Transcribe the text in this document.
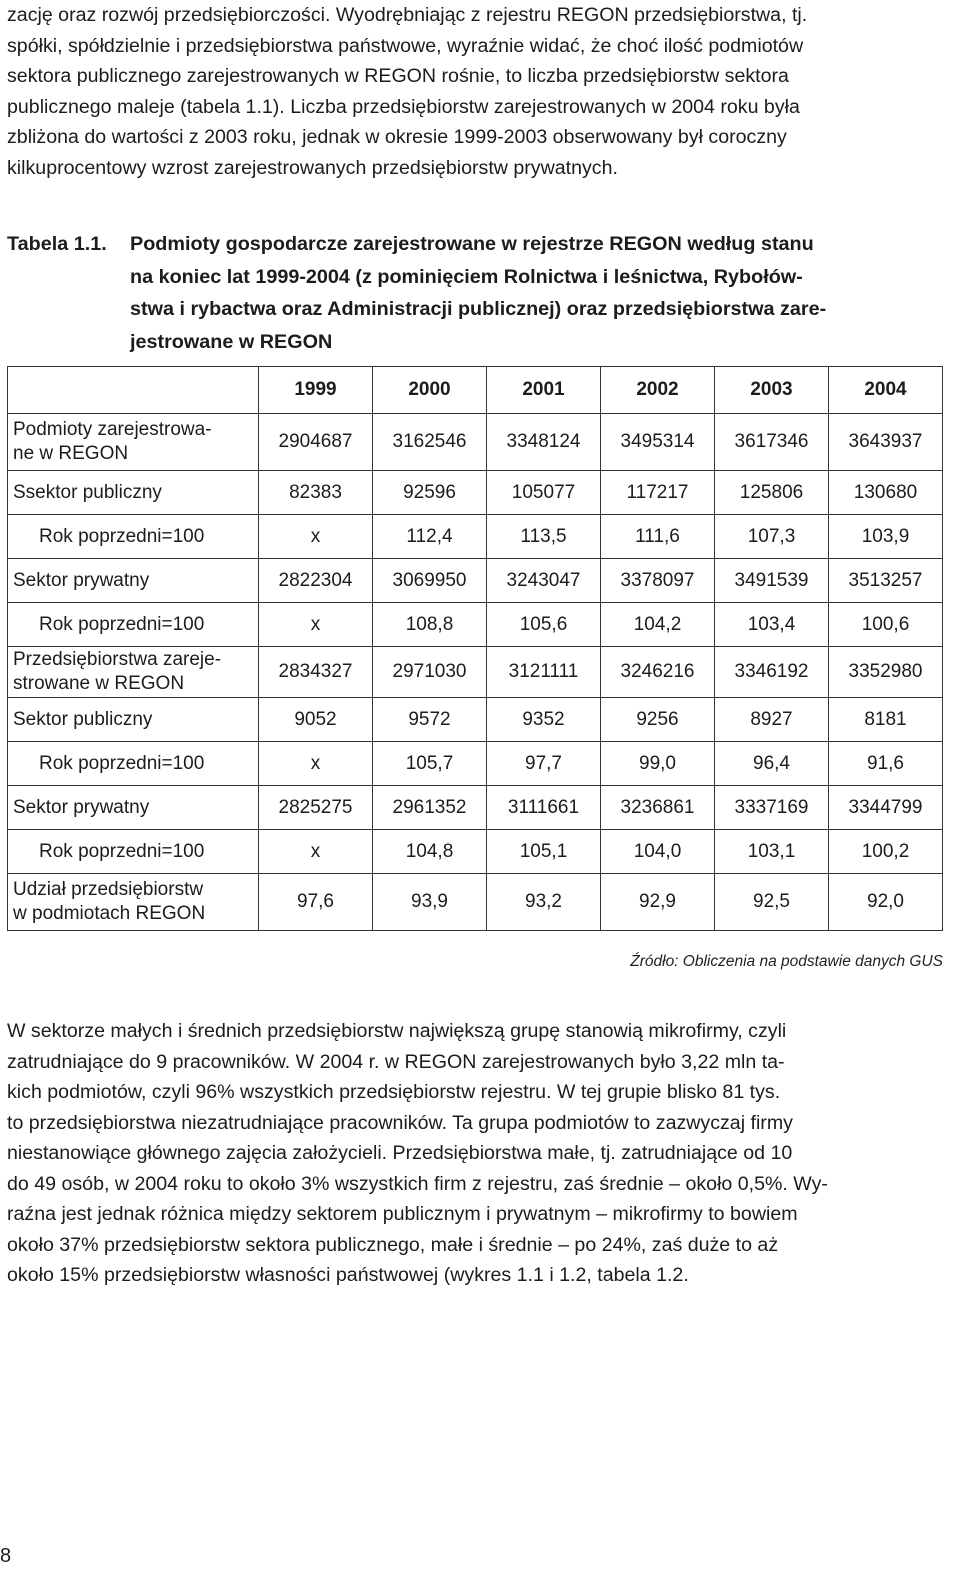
zację oraz rozwój przedsiębiorczości. Wyodrębniając z rejestru REGON przedsiębiorstwa, tj.
spółki, spółdzielnie i przedsiębiorstwa państwowe, wyraźnie widać, że choć ilość podmiotów
sektora publicznego zarejestrowanych w REGON rośnie, to liczba przedsiębiorstw sektora
publicznego maleje (tabela 1.1). Liczba przedsiębiorstw zarejestrowanych w 2004 roku była
zbliżona do wartości z 2003 roku, jednak w okresie 1999-2003 obserwowany był coroczny
kilkuprocentowy wzrost zarejestrowanych przedsiębiorstw prywatnych.
Tabela 1.1. Podmioty gospodarcze zarejestrowane w rejestrze REGON według stanu
na koniec lat 1999-2004 (z pominięciem Rolnictwa i leśnictwa, Rybołów-
stwa i rybactwa oraz Administracji publicznej) oraz przedsiębiorstwa zare-
jestrowane w REGON
	1999	2000	2001	2002	2003	2004
Podmioty zarejestrowa-
ne w REGON	2904687	3162546	3348124	3495314	3617346	3643937
Ssektor publiczny	82383	92596	105077	117217	125806	130680
Rok poprzedni=100	x	112,4	113,5	111,6	107,3	103,9
Sektor prywatny	2822304	3069950	3243047	3378097	3491539	3513257
Rok poprzedni=100	x	108,8	105,6	104,2	103,4	100,6
Przedsiębiorstwa zareje-
strowane w REGON	2834327	2971030	3121111	3246216	3346192	3352980
Sektor publiczny	9052	9572	9352	9256	8927	8181
Rok poprzedni=100	x	105,7	97,7	99,0	96,4	91,6
Sektor prywatny	2825275	2961352	3111661	3236861	3337169	3344799
Rok poprzedni=100	x	104,8	105,1	104,0	103,1	100,2
Udział przedsiębiorstw
w podmiotach REGON	97,6	93,9	93,2	92,9	92,5	92,0
Źródło: Obliczenia na podstawie danych GUS
W sektorze małych i średnich przedsiębiorstw największą grupę stanowią mikrofirmy, czyli
zatrudniające do 9 pracowników. W 2004 r. w REGON zarejestrowanych było 3,22 mln ta-
kich podmiotów, czyli 96% wszystkich przedsiębiorstw rejestru. W tej grupie blisko 81 tys.
to przedsiębiorstwa niezatrudniające pracowników. Ta grupa podmiotów to zazwyczaj firmy
niestanowiące głównego zajęcia założycieli. Przedsiębiorstwa małe, tj. zatrudniające od 10
do 49 osób, w 2004 roku to około 3% wszystkich firm z rejestru, zaś średnie – około 0,5%. Wy-
raźna jest jednak różnica między sektorem publicznym i prywatnym – mikrofirmy to bowiem
około 37% przedsiębiorstw sektora publicznego, małe i średnie – po 24%, zaś duże to aż
około 15% przedsiębiorstw własności państwowej (wykres 1.1 i 1.2, tabela 1.2.
8
